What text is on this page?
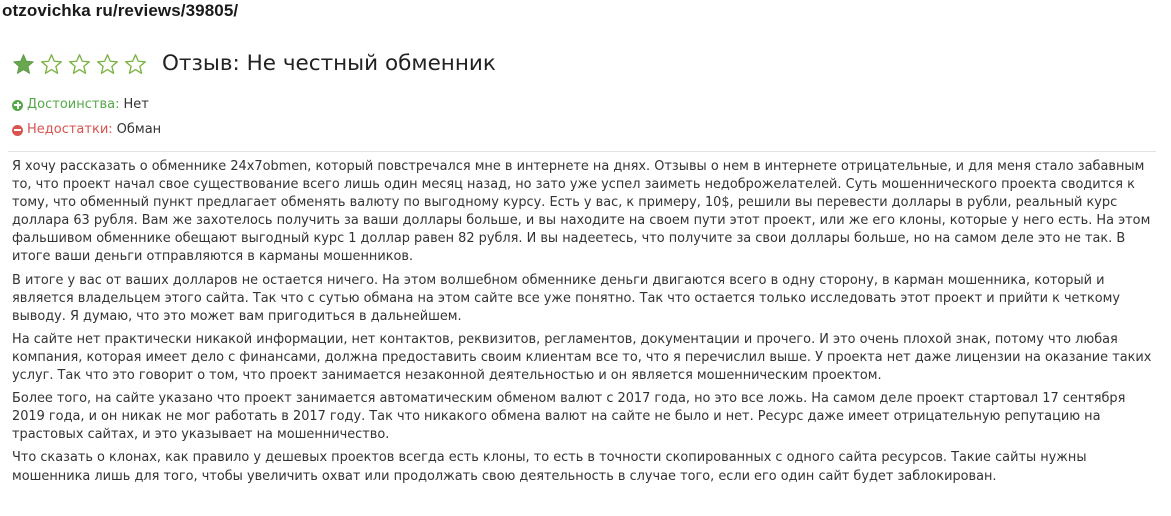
otzovichka ru/reviews/39805/
Отзыв: Не честный обменник
Достоинства: Нет
Недостатки: Обман

Я хочу рассказать о обменнике 24x7obmen, который повстречался мне в интернете на днях. Отзывы о нем в интернете отрицательные, и для меня стало забавным то, что проект начал свое существование всего лишь один месяц назад, но зато уже успел заиметь недоброжелателей. Суть мошеннического проекта сводится к тому, что обменный пункт предлагает обменять валюту по выгодному курсу. Есть у вас, к примеру, 10$, решили вы перевести доллары в рубли, реальный курс доллара 63 рубля. Вам же захотелось получить за ваши доллары больше, и вы находите на своем пути этот проект, или же его клоны, которые у него есть. На этом фальшивом обменнике обещают выгодный курс 1 доллар равен 82 рубля. И вы надеетесь, что получите за свои доллары больше, но на самом деле это не так. В итоге ваши деньги отправляются в карманы мошенников.

В итоге у вас от ваших долларов не остается ничего. На этом волшебном обменнике деньги двигаются всего в одну сторону, в карман мошенника, который и является владельцем этого сайта. Так что с сутью обмана на этом сайте все уже понятно. Так что остается только исследовать этот проект и прийти к четкому выводу. Я думаю, что это может вам пригодиться в дальнейшем.

На сайте нет практически никакой информации, нет контактов, реквизитов, регламентов, документации и прочего. И это очень плохой знак, потому что любая компания, которая имеет дело с финансами, должна предоставить своим клиентам все то, что я перечислил выше. У проекта нет даже лицензии на оказание таких услуг. Так что это говорит о том, что проект занимается незаконной деятельностью и он является мошенническим проектом.

Более того, на сайте указано что проект занимается автоматическим обменом валют с 2017 года, но это все ложь. На самом деле проект стартовал 17 сентября 2019 года, и он никак не мог работать в 2017 году. Так что никакого обмена валют на сайте не было и нет. Ресурс даже имеет отрицательную репутацию на трастовых сайтах, и это указывает на мошенничество.

Что сказать о клонах, как правило у дешевых проектов всегда есть клоны, то есть в точности скопированных с одного сайта ресурсов. Такие сайты нужны мошенника лишь для того, чтобы увеличить охват или продолжать свою деятельность в случае того, если его один сайт будет заблокирован.
